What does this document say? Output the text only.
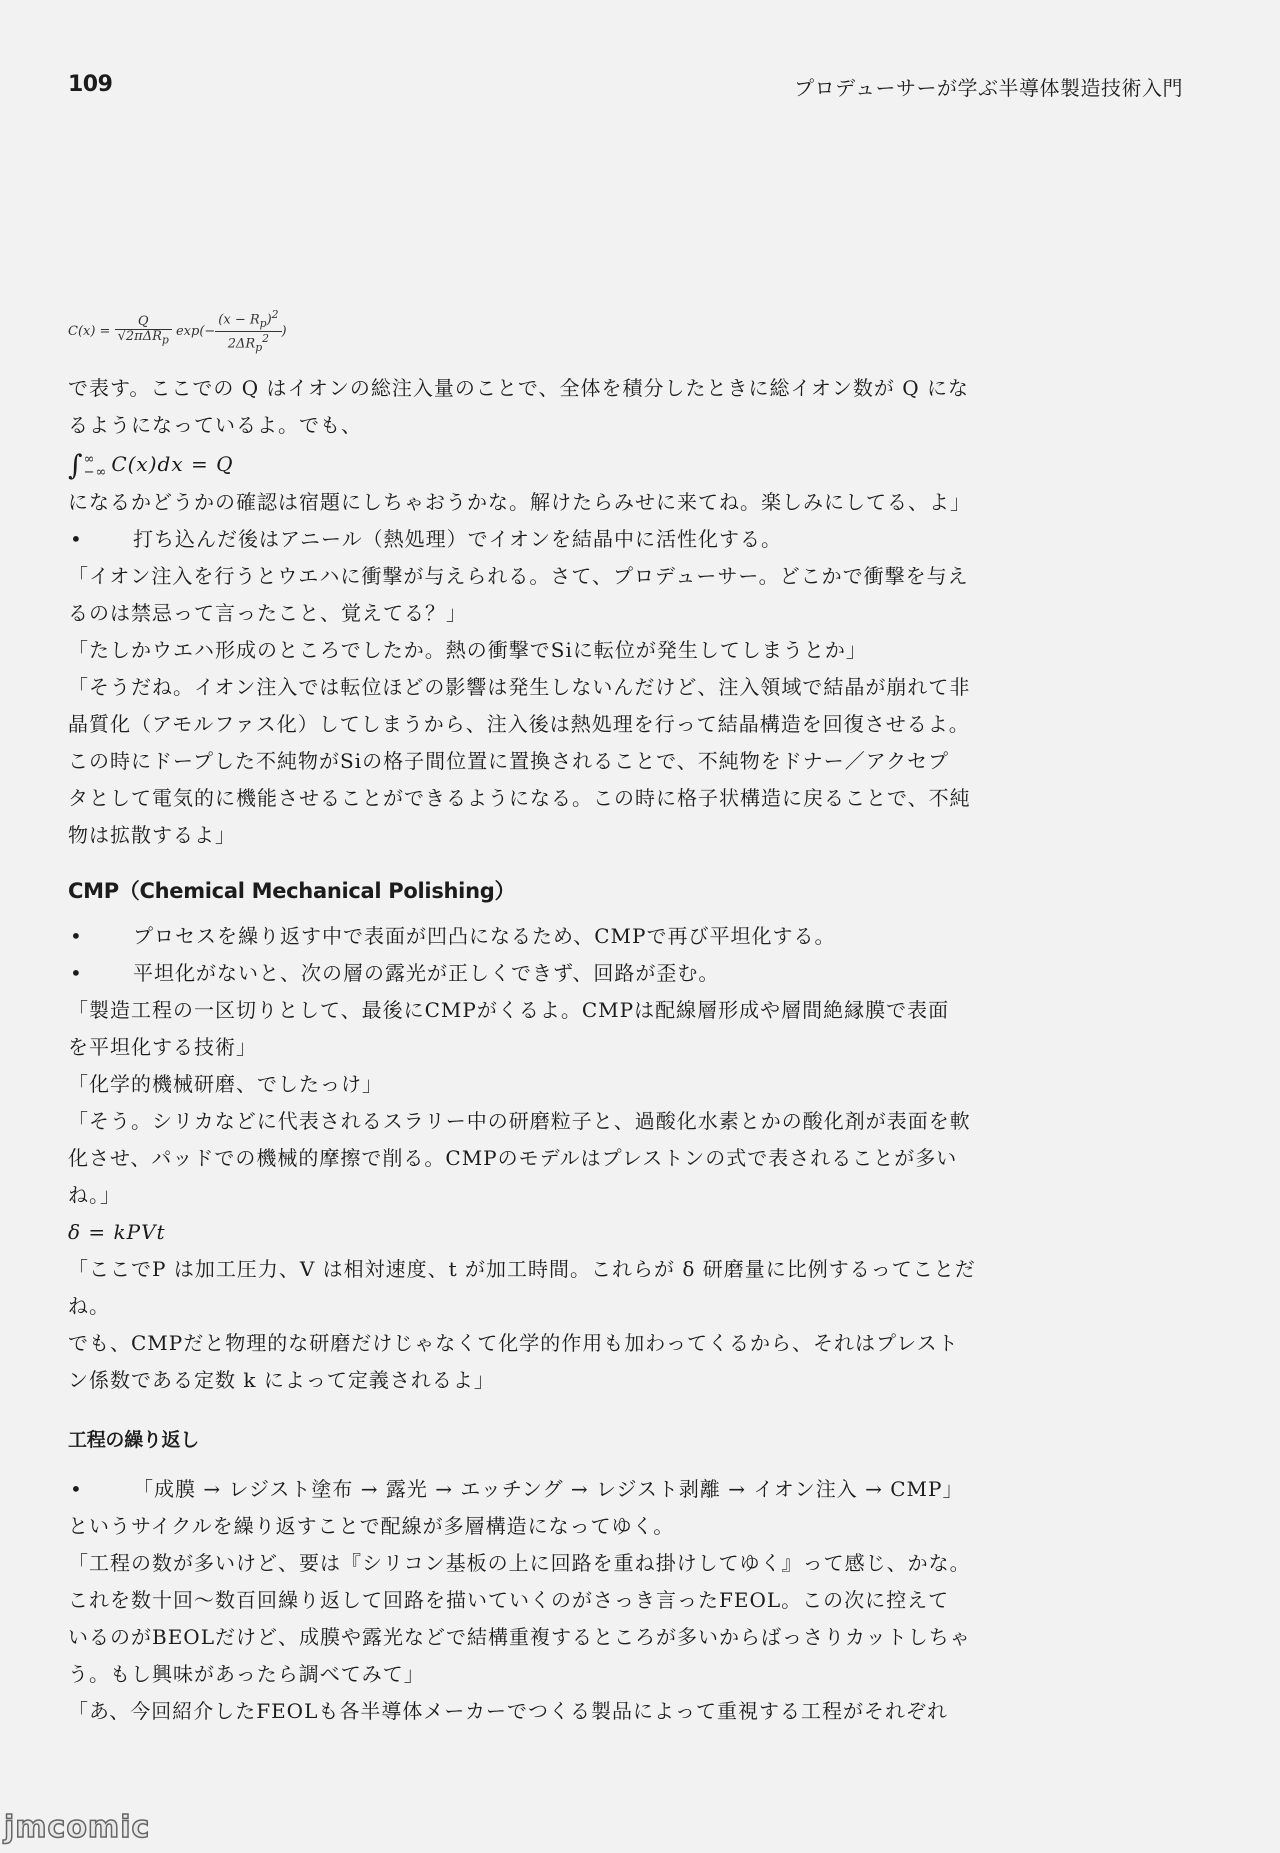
109	プロデューサーが学ぶ半導体製造技術入門
$C(x) = \frac{Q}{√2\pi\Delta R_p} \exp(- \frac{(x - R_p)^2}{2\Delta R_p^2}$ )

で表す。ここでの Q はイオンの総注入量のことで、全体を積分したときに総イオン数が Q にな

るようになっているよ。でも、

∫ ∞
−∞ C(x)dx = Q

になるかどうかの確認は宿題にしちゃおうかな。解けたらみせに来てね。楽しみにしてる、よ」

•	打ち込んだ後はアニール（熱処理）でイオンを結晶中に活性化する。

「イオン注入を行うとウエハに衝撃が与えられる。さて、プロデューサー。どこかで衝撃を与え

るのは禁忌って言ったこと、覚えてる？」

「たしかウエハ形成のところでしたか。熱の衝撃でSiに転位が発生してしまうとか」

「そうだね。イオン注入では転位ほどの影響は発生しないんだけど、注入領域で結晶が崩れて非

晶質化（アモルファス化）してしまうから、注入後は熱処理を行って結晶構造を回復させるよ。

この時にドープした不純物がSiの格子間位置に置換されることで、不純物をドナー／アクセプ

タとして電気的に機能させることができるようになる。この時に格子状構造に戻ることで、不純

物は拡散するよ」

CMP（Chemical Mechanical Polishing）
•	プロセスを繰り返す中で表面が凹凸になるため、CMPで再び平坦化する。
•	平坦化がないと、次の層の露光が正しくできず、回路が歪む。

「製造工程の一区切りとして、最後にCMPがくるよ。CMPは配線層形成や層間絶縁膜で表面

を平坦化する技術」

「化学的機械研磨、でしたっけ」

「そう。シリカなどに代表されるスラリー中の研磨粒子と、過酸化水素とかの酸化剤が表面を軟

化させ、パッドでの機械的摩擦で削る。CMPのモデルはプレストンの式で表されることが多い

ね。」

δ = kPVt

「ここでP は加工圧力、V は相対速度、t が加工時間。これらが δ 研磨量に比例するってことだね。

でも、CMPだと物理的な研磨だけじゃなくて化学的作用も加わってくるから、それはプレスト

ン係数である定数 k によって定義されるよ」

工程の繰り返し
•	「成膜 → レジスト塗布 → 露光 → エッチング → レジスト剥離 → イオン注入 → CMP」

というサイクルを繰り返すことで配線が多層構造になってゆく。

「工程の数が多いけど、要は『シリコン基板の上に回路を重ね掛けしてゆく』って感じ、かな。

これを数十回～数百回繰り返して回路を描いていくのがさっき言ったFEOL。この次に控えて

いるのがBEOLだけど、成膜や露光などで結構重複するところが多いからばっさりカットしちゃ

う。もし興味があったら調べてみて」

「あ、今回紹介したFEOLも各半導体メーカーでつくる製品によって重視する工程がそれぞれ

jmcomic
